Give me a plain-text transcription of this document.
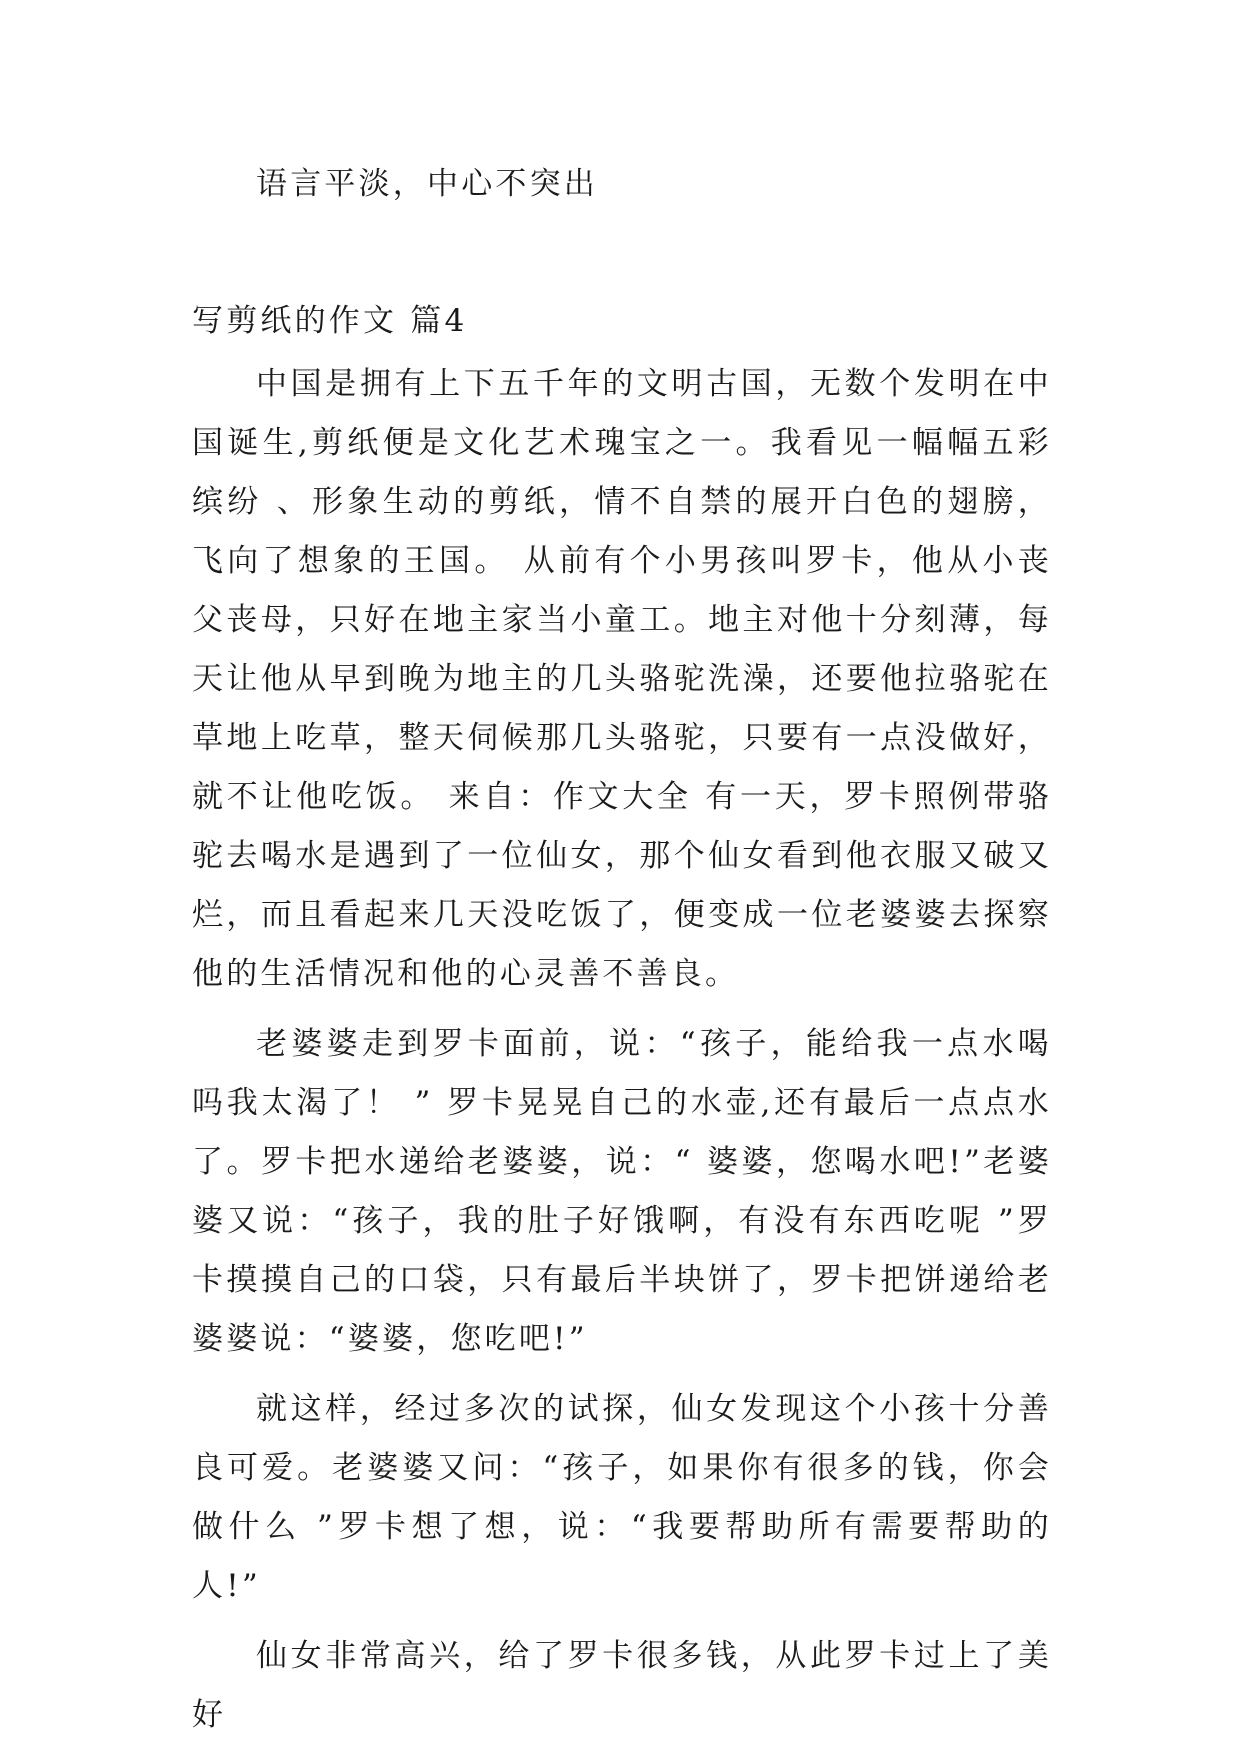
语言平淡，中心不突出

写剪纸的作文 篇4

中国是拥有上下五千年的文明古国，无数个发明在中国诞生,剪纸便是文化艺术瑰宝之一。我看见一幅幅五彩缤纷 、形象生动的剪纸，情不自禁的展开白色的翅膀，飞向了想象的王国。 从前有个小男孩叫罗卡，他从小丧父丧母，只好在地主家当小童工。地主对他十分刻薄，每天让他从早到晚为地主的几头骆驼洗澡，还要他拉骆驼在草地上吃草，整天伺候那几头骆驼，只要有一点没做好，就不让他吃饭。 来自：作文大全 有一天，罗卡照例带骆驼去喝水是遇到了一位仙女，那个仙女看到他衣服又破又烂，而且看起来几天没吃饭了，便变成一位老婆婆去探察他的生活情况和他的心灵善不善良。

老婆婆走到罗卡面前，说：“孩子，能给我一点水喝吗我太渴了！ ” 罗卡晃晃自己的水壶,还有最后一点点水了。罗卡把水递给老婆婆，说：“ 婆婆，您喝水吧!”老婆婆又说：“孩子，我的肚子好饿啊，有没有东西吃呢 ”罗卡摸摸自己的口袋，只有最后半块饼了，罗卡把饼递给老婆婆说：“婆婆，您吃吧!”

就这样，经过多次的试探，仙女发现这个小孩十分善良可爱。老婆婆又问：“孩子，如果你有很多的钱，你会做什么 ”罗卡想了想，说：“我要帮助所有需要帮助的人!”

仙女非常高兴，给了罗卡很多钱，从此罗卡过上了美好
